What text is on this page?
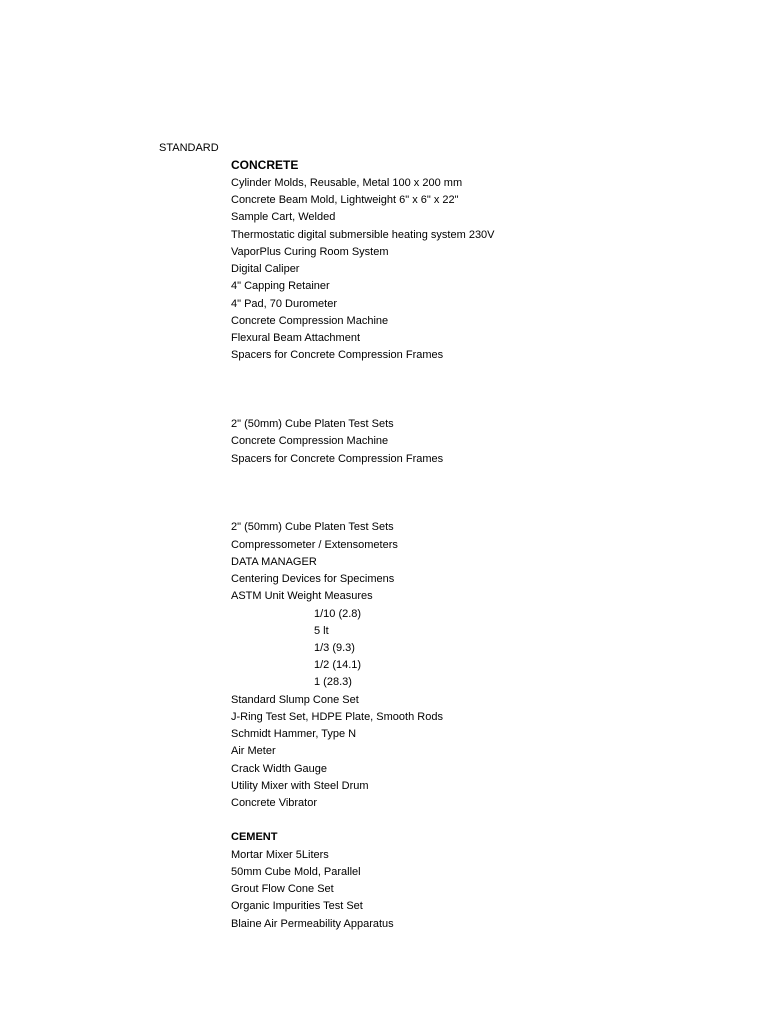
STANDARD
CONCRETE
Cylinder Molds, Reusable, Metal 100 x 200 mm
Concrete Beam Mold, Lightweight 6" x 6" x 22"
Sample Cart, Welded
Thermostatic digital submersible heating system 230V
VaporPlus Curing Room System
Digital Caliper
4" Capping Retainer
4" Pad, 70 Durometer
Concrete Compression Machine
Flexural Beam Attachment
Spacers for Concrete Compression Frames
2" (50mm) Cube Platen Test Sets
Concrete Compression Machine
Spacers for Concrete Compression Frames
2" (50mm) Cube Platen Test Sets
Compressometer / Extensometers
DATA MANAGER
Centering Devices for Specimens
ASTM Unit Weight Measures
1/10 (2.8)
5 lt
1/3 (9.3)
1/2 (14.1)
1 (28.3)
Standard Slump Cone Set
J-Ring Test Set, HDPE Plate, Smooth Rods
Schmidt Hammer, Type N
Air Meter
Crack Width Gauge
Utility Mixer with Steel Drum
Concrete Vibrator
CEMENT
Mortar Mixer 5Liters
50mm Cube Mold, Parallel
Grout Flow Cone Set
Organic Impurities Test Set
Blaine Air Permeability Apparatus
